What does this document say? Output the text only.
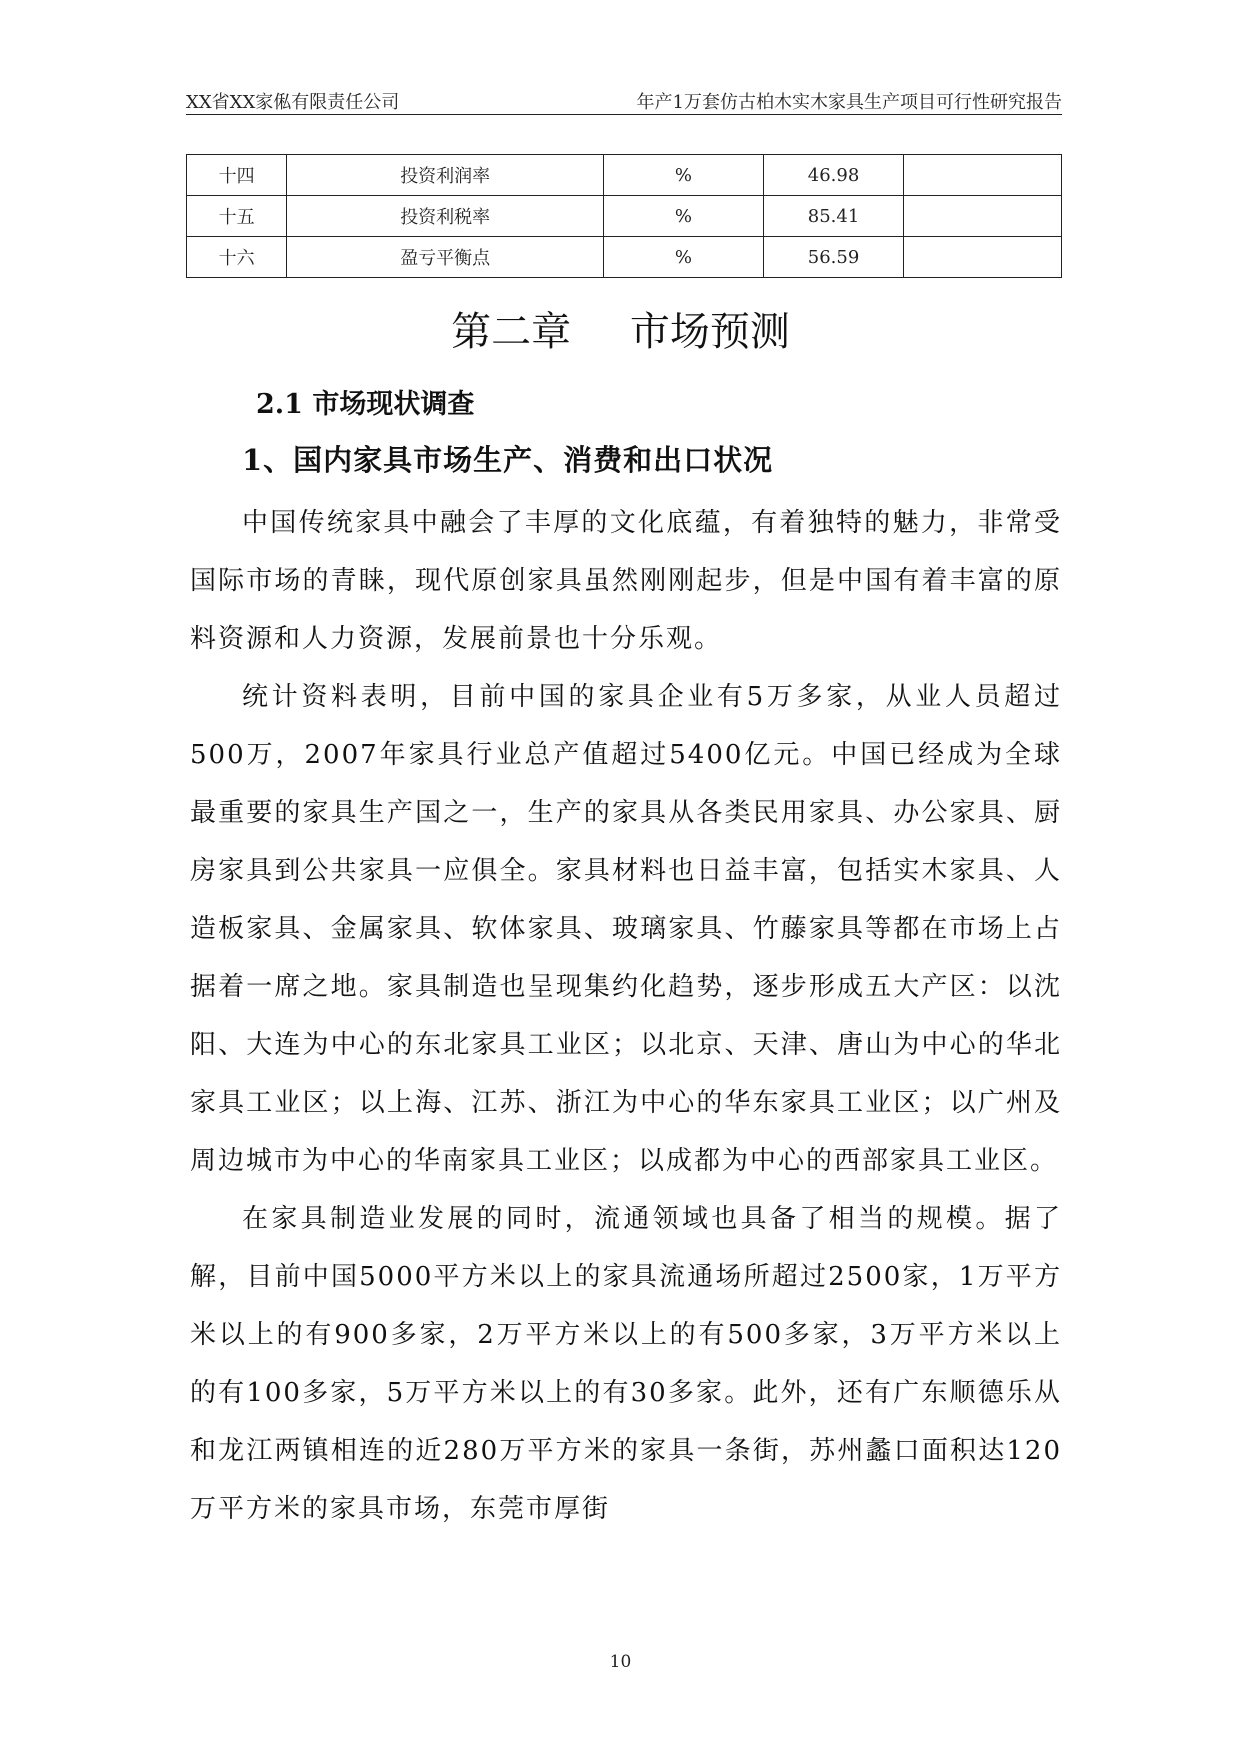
XX省XX家俬有限责任公司	年产1万套仿古柏木实木家具生产项目可行性研究报告
十四	投资利润率	%	46.98	
十五	投资利税率	%	85.41	
十六	盈亏平衡点	%	56.59	
第二章 市场预测
2.1 市场现状调查
1、国内家具市场生产、消费和出口状况

中国传统家具中融会了丰厚的文化底蕴，有着独特的魅力，非常受国际市场的青睐，现代原创家具虽然刚刚起步，但是中国有着丰富的原料资源和人力资源，发展前景也十分乐观。

统计资料表明，目前中国的家具企业有5万多家，从业人员超过500万，2007年家具行业总产值超过5400亿元。中国已经成为全球最重要的家具生产国之一，生产的家具从各类民用家具、办公家具、厨房家具到公共家具一应俱全。家具材料也日益丰富，包括实木家具、人造板家具、金属家具、软体家具、玻璃家具、竹藤家具等都在市场上占据着一席之地。家具制造也呈现集约化趋势，逐步形成五大产区：以沈阳、大连为中心的东北家具工业区；以北京、天津、唐山为中心的华北家具工业区；以上海、江苏、浙江为中心的华东家具工业区；以广州及周边城市为中心的华南家具工业区；以成都为中心的西部家具工业区。

在家具制造业发展的同时，流通领域也具备了相当的规模。据了解，目前中国5000平方米以上的家具流通场所超过2500家，1万平方米以上的有900多家，2万平方米以上的有500多家，3万平方米以上的有100多家，5万平方米以上的有30多家。此外，还有广东顺德乐从和龙江两镇相连的近280万平方米的家具一条街，苏州蠡口面积达120万平方米的家具市场，东莞市厚街

10
